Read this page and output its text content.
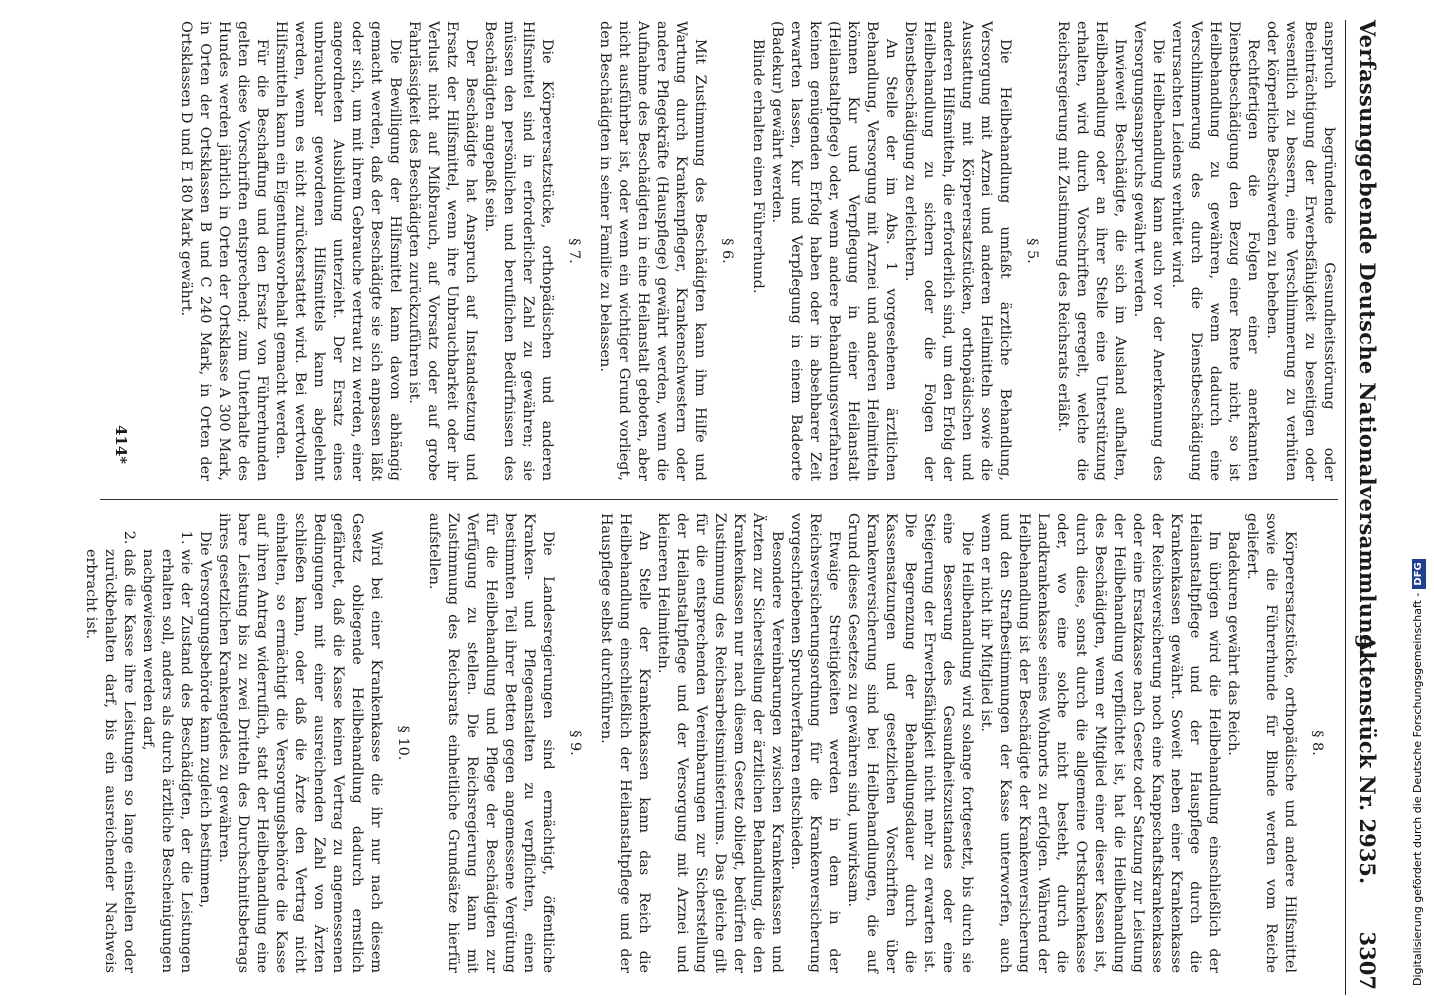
Verfassunggebende Deutsche Nationalversammlung.
Aktenstück Nr. 2935. 3307

anspruch begründende Gesundheitsstörung oder Beeinträchtigung der Erwerbsfähigkeit zu beseitigen oder wesentlich zu bessern, eine Verschlimmerung zu verhüten oder körperliche Beschwerden zu beheben.

Rechtfertigen die Folgen einer anerkannten Dienstbeschädigung den Bezug einer Rente nicht, so ist Heilbehandlung zu gewähren, wenn dadurch eine Verschlimmerung des durch die Dienstbeschädigung verursachten Leidens verhütet wird.

Die Heilbehandlung kann auch vor der Anerkennung des Versorgungsanspruchs gewährt werden.

Inwieweit Beschädigte, die sich im Ausland aufhalten, Heilbehandlung oder an ihrer Stelle eine Unterstützung erhalten, wird durch Vorschriften geregelt, welche die Reichsregierung mit Zustimmung des Reichsrats erläßt.

§ 5.

Die Heilbehandlung umfaßt ärztliche Behandlung, Versorgung mit Arznei und anderen Heilmitteln sowie die Ausstattung mit Körperersatzstücken, orthopädischen und anderen Hilfsmitteln, die erforderlich sind, um den Erfolg der Heilbehandlung zu sichern oder die Folgen der Dienstbeschädigung zu erleichtern.

An Stelle der im Abs. 1 vorgesehenen ärztlichen Behandlung, Versorgung mit Arznei und anderen Heilmitteln können Kur und Verpflegung in einer Heilanstalt (Heilanstaltpflege) oder, wenn andere Behandlungsverfahren keinen genügenden Erfolg haben oder in absehbarer Zeit erwarten lassen, Kur und Verpflegung in einem Badeorte (Badekur) gewährt werden.

Blinde erhalten einen Führerhund.

§ 6.

Mit Zustimmung des Beschädigten kann ihm Hilfe und Wartung durch Krankenpfleger, Krankenschwestern oder andere Pflegekräfte (Hauspflege) gewährt werden, wenn die Aufnahme des Beschädigten in eine Heilanstalt geboten, aber nicht ausführbar ist, oder wenn ein wichtiger Grund vorliegt, den Beschädigten in seiner Familie zu belassen.

§ 7.

Die Körperersatzstücke, orthopädischen und anderen Hilfsmittel sind in erforderlicher Zahl zu gewähren; sie müssen den persönlichen und beruflichen Bedürfnissen des Beschädigten angepaßt sein.

Der Beschädigte hat Anspruch auf Instandsetzung und Ersatz der Hilfsmittel, wenn ihre Unbrauchbarkeit oder ihr Verlust nicht auf Mißbrauch, auf Vorsatz oder auf grobe Fahrlässigkeit des Beschädigten zurückzuführen ist.

Die Bewilligung der Hilfsmittel kann davon abhängig gemacht werden, daß der Beschädigte sie sich anpassen läßt oder sich, um mit ihrem Gebrauche vertraut zu werden, einer angeordneten Ausbildung unterzieht. Der Ersatz eines unbrauchbar gewordenen Hilfsmittels kann abgelehnt werden, wenn es nicht zurückerstattet wird. Bei wertvollen Hilfsmitteln kann ein Eigentumsvorbehalt gemacht werden.

Für die Beschaffung und den Ersatz von Führerhunden gelten diese Vorschriften entsprechend; zum Unterhalte des Hundes werden jährlich in Orten der Ortsklasse A 300 Mark, in Orten der Ortsklassen B und C 240 Mark, in Orten der Ortsklassen D und E 180 Mark gewährt.

§ 8.

Körperersatzstücke, orthopädische und andere Hilfsmittel sowie die Führerhunde für Blinde werden vom Reiche geliefert.

Badekuren gewährt das Reich.

Im übrigen wird die Heilbehandlung einschließlich der Heilanstaltpflege und der Hauspflege durch die Krankenkassen gewährt. Soweit neben einer Krankenkasse der Reichsversicherung noch eine Knappschaftskrankenkasse oder eine Ersatzkasse nach Gesetz oder Satzung zur Leistung der Heilbehandlung verpflichtet ist, hat die Heilbehandlung des Beschädigten, wenn er Mitglied einer dieser Kassen ist, durch diese, sonst durch die allgemeine Ortskrankenkasse oder, wo eine solche nicht besteht, durch die Landkrankenkasse seines Wohnorts zu erfolgen. Während der Heilbehandlung ist der Beschädigte der Krankenversicherung und den Strafbestimmungen der Kasse unterworfen, auch wenn er nicht ihr Mitglied ist.

Die Heilbehandlung wird solange fortgesetzt, bis durch sie eine Besserung des Gesundheitszustandes oder eine Steigerung der Erwerbsfähigkeit nicht mehr zu erwarten ist. Die Begrenzung der Behandlungsdauer durch die Kassensatzungen und gesetzlichen Vorschriften über Krankenversicherung sind bei Heilbehandlungen, die auf Grund dieses Gesetzes zu gewähren sind, unwirksam.

Etwaige Streitigkeiten werden in dem in der Reichsversicherungsordnung für die Krankenversicherung vorgeschriebenen Spruchverfahren entschieden.

Besondere Vereinbarungen zwischen Krankenkassen und Ärzten zur Sicherstellung der ärztlichen Behandlung, die den Krankenkassen nur nach diesem Gesetz obliegt, bedürfen der Zustimmung des Reichsarbeitsministeriums. Das gleiche gilt für die entsprechenden Vereinbarungen zur Sicherstellung der Heilanstaltpflege und der Versorgung mit Arznei und kleineren Heilmitteln.

An Stelle der Krankenkassen kann das Reich die Heilbehandlung einschließlich der Heilanstaltpflege und der Hauspflege selbst durchführen.

§ 9.

Die Landesregierungen sind ermächtigt, öffentliche Kranken- und Pflegeanstalten zu verpflichten, einen bestimmten Teil ihrer Betten gegen angemessene Vergütung für die Heilbehandlung und Pflege der Beschädigten zur Verfügung zu stellen. Die Reichsregierung kann mit Zustimmung des Reichsrats einheitliche Grundsätze hierfür aufstellen.

§ 10.

Wird bei einer Krankenkasse die ihr nur nach diesem Gesetz obliegende Heilbehandlung dadurch ernstlich gefährdet, daß die Kasse keinen Vertrag zu angemessenen Bedingungen mit einer ausreichenden Zahl von Ärzten schließen kann, oder daß die Ärzte den Vertrag nicht einhalten, so ermächtigt die Versorgungsbehörde die Kasse auf ihren Antrag widerruflich, statt der Heilbehandlung eine bare Leistung bis zu zwei Dritteln des Durchschnittsbetrags ihres gesetzlichen Krankengeldes zu gewähren.

Die Versorgungsbehörde kann zugleich bestimmen,

1. wie der Zustand des Beschädigten, der die Leistungen erhalten soll, anders als durch ärztliche Bescheinigungen nachgewiesen werden darf,
2. daß die Kasse ihre Leistungen so lange einstellen oder zurückbehalten darf, bis ein ausreichender Nachweis erbracht ist.
414*
Digitalisierung gefördert durch die Deutsche Forschungsgemeinschaft -DFG
